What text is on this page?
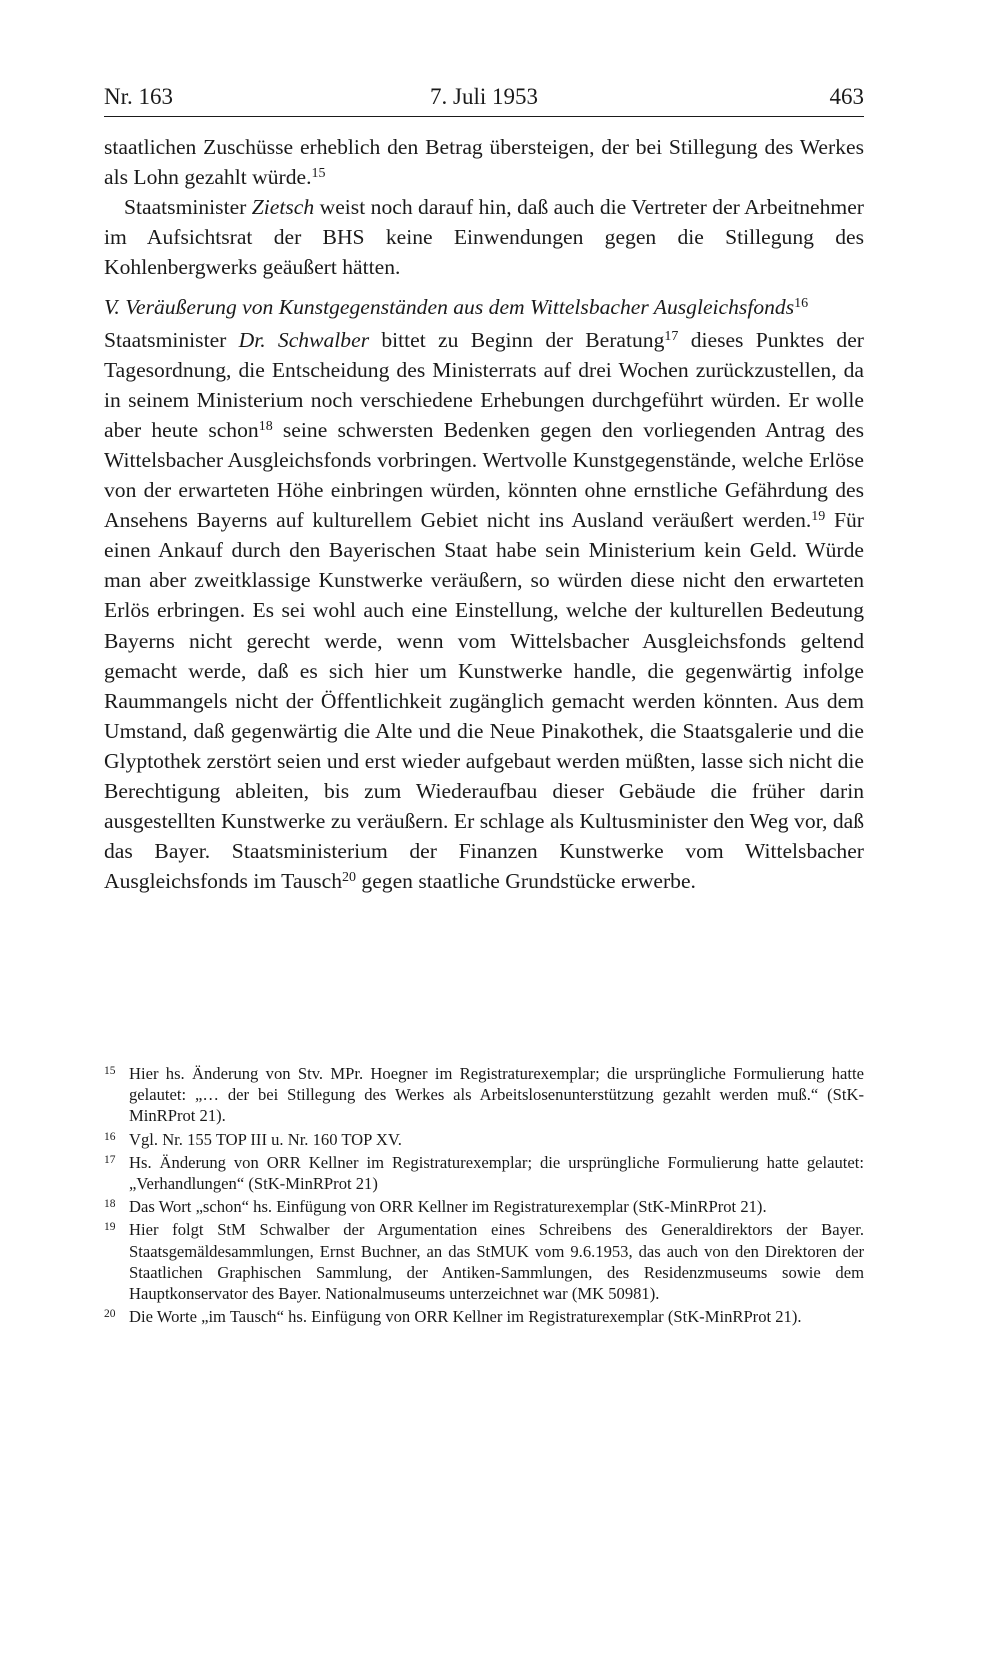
Nr. 163	7. Juli 1953	463

staatlichen Zuschüsse erheblich den Betrag übersteigen, der bei Stillegung des Werkes als Lohn gezahlt würde.$^{15}$

Staatsminister Zietsch weist noch darauf hin, daß auch die Vertreter der Arbeitnehmer im Aufsichtsrat der BHS keine Einwendungen gegen die Stillegung des Kohlenbergwerks geäußert hätten.

V. Veräußerung von Kunstgegenständen aus dem Wittelsbacher Ausgleichsfonds$^{16}$

Staatsminister Dr. Schwalber bittet zu Beginn der Beratung$^{17}$ dieses Punktes der Tagesordnung, die Entscheidung des Ministerrats auf drei Wochen zurückzustellen, da in seinem Ministerium noch verschiedene Erhebungen durchgeführt würden. Er wolle aber heute schon$^{18}$ seine schwersten Bedenken gegen den vorliegenden Antrag des Wittelsbacher Ausgleichsfonds vorbringen. Wertvolle Kunstgegenstände, welche Erlöse von der erwarteten Höhe einbringen würden, könnten ohne ernstliche Gefährdung des Ansehens Bayerns auf kulturellem Gebiet nicht ins Ausland veräußert werden.$^{19}$ Für einen Ankauf durch den Bayerischen Staat habe sein Ministerium kein Geld. Würde man aber zweitklassige Kunstwerke veräußern, so würden diese nicht den erwarteten Erlös erbringen. Es sei wohl auch eine Einstellung, welche der kulturellen Bedeutung Bayerns nicht gerecht werde, wenn vom Wittelsbacher Ausgleichsfonds geltend gemacht werde, daß es sich hier um Kunstwerke handle, die gegenwärtig infolge Raummangels nicht der Öffentlichkeit zugänglich gemacht werden könnten. Aus dem Umstand, daß gegenwärtig die Alte und die Neue Pinakothek, die Staatsgalerie und die Glyptothek zerstört seien und erst wieder aufgebaut werden müßten, lasse sich nicht die Berechtigung ableiten, bis zum Wiederaufbau dieser Gebäude die früher darin ausgestellten Kunstwerke zu veräußern. Er schlage als Kultusminister den Weg vor, daß das Bayer. Staatsministerium der Finanzen Kunstwerke vom Wittelsbacher Ausgleichsfonds im Tausch$^{20}$ gegen staatliche Grundstücke erwerbe.

15 Hier hs. Änderung von Stv. MPr. Hoegner im Registraturexemplar; die ursprüngliche Formulierung hatte gelautet: „… der bei Stillegung des Werkes als Arbeitslosenunterstützung gezahlt werden muß.“ (StK-MinRProt 21).
16 Vgl. Nr. 155 TOP III u. Nr. 160 TOP XV.
17 Hs. Änderung von ORR Kellner im Registraturexemplar; die ursprüngliche Formulierung hatte gelautet: „Verhandlungen“ (StK-MinRProt 21)
18 Das Wort „schon“ hs. Einfügung von ORR Kellner im Registraturexemplar (StK-MinRProt 21).
19 Hier folgt StM Schwalber der Argumentation eines Schreibens des Generaldirektors der Bayer. Staatsgemäldesammlungen, Ernst Buchner, an das StMUK vom 9.6.1953, das auch von den Direktoren der Staatlichen Graphischen Sammlung, der Antiken-Sammlungen, des Residenzmuseums sowie dem Hauptkonservator des Bayer. Nationalmuseums unterzeichnet war (MK 50981).
20 Die Worte „im Tausch“ hs. Einfügung von ORR Kellner im Registraturexemplar (StK-MinRProt 21).
